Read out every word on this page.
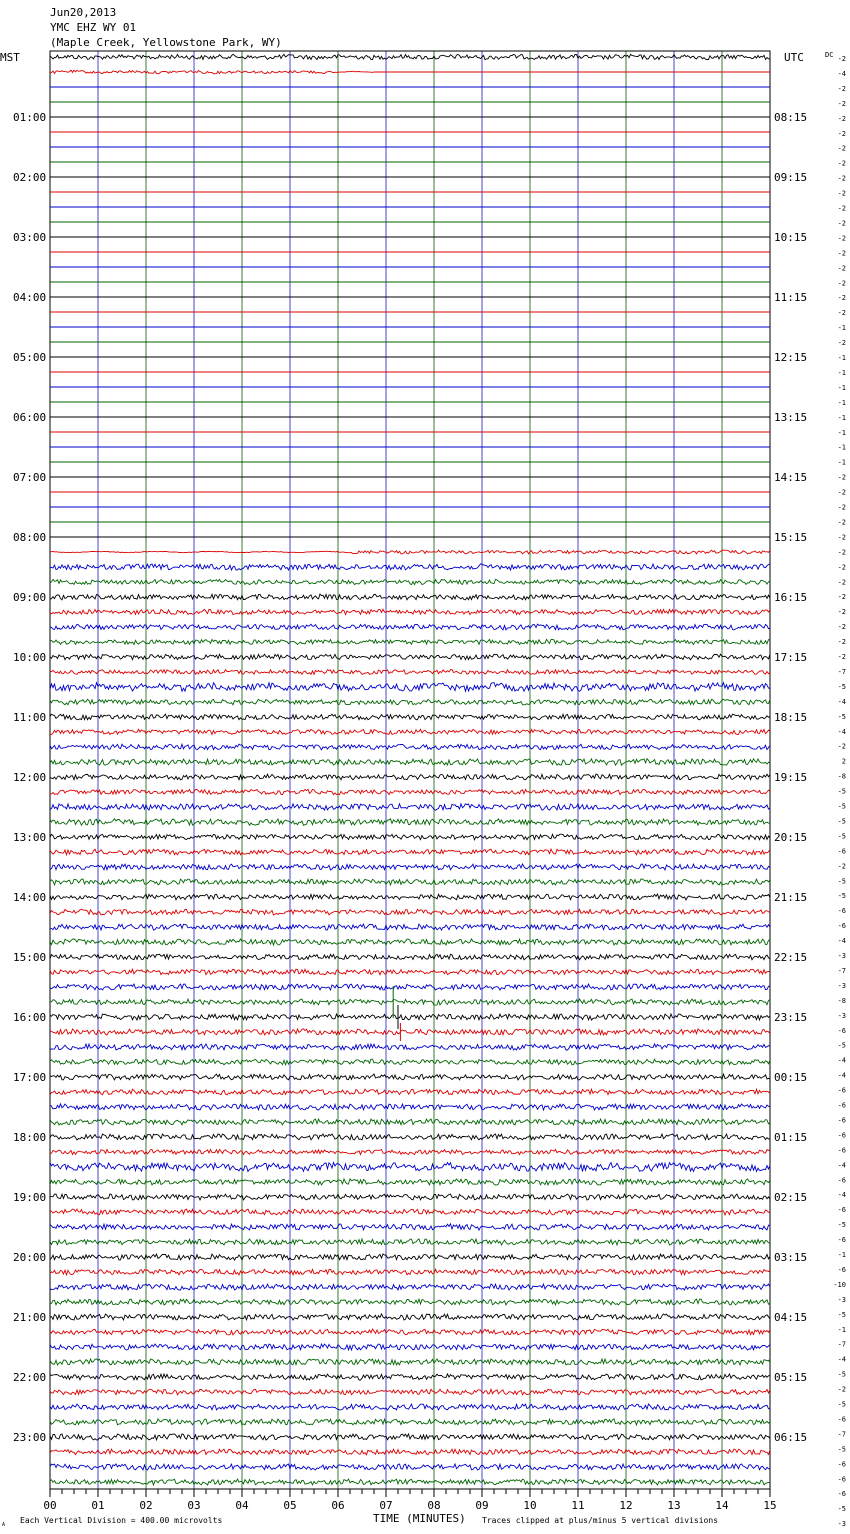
Jun20,2013
YMC EHZ WY 01
(Maple Creek, Yellowstone Park, WY)
MST	UTC	DC
01:00
02:00
03:00
04:00
05:00
06:00
07:00
08:00
09:00
10:00
11:00
12:00
13:00
14:00
15:00
16:00
17:00
18:00
19:00
20:00
21:00
22:00
23:00
08:15
09:15
10:15
11:15
12:15
13:15
14:15
15:15
16:15
17:15
18:15
19:15
20:15
21:15
22:15
23:15
00:15
01:15
02:15
03:15
04:15
05:15
06:15
-2
-4
-2
-2
-2
-2
-2
-2
-2
-2
-2
-2
-2
-2
-2
-2
-2
-2
-1
-2
-1
-1
-1
-1
-1
-1
-1
-1
-2
-2
-2
-2
-2
-2
-2
-2
-2
-2
-2
-2
-2
-7
-5
-4
-5
-4
-2
2
-8
-5
-5
-5
-5
-6
-2
-5
-5
-6
-6
-4
-3
-7
-3
-8
-3
-6
-5
-4
-4
-6
-6
-6
-6
-6
-4
-6
-4
-6
-5
-6
-1
-6
-10
-3
-5
-1
-7
-4
-5
-2
-5
-6
-7
-5
-6
-6
-6
-5
-3
00	01	02	03	04	05	06	07	08	09	10	11	12	13	14	15
TIME (MINUTES)
Each Vertical Division = 400.00 microvolts	Traces clipped at plus/minus 5 vertical divisions
A
